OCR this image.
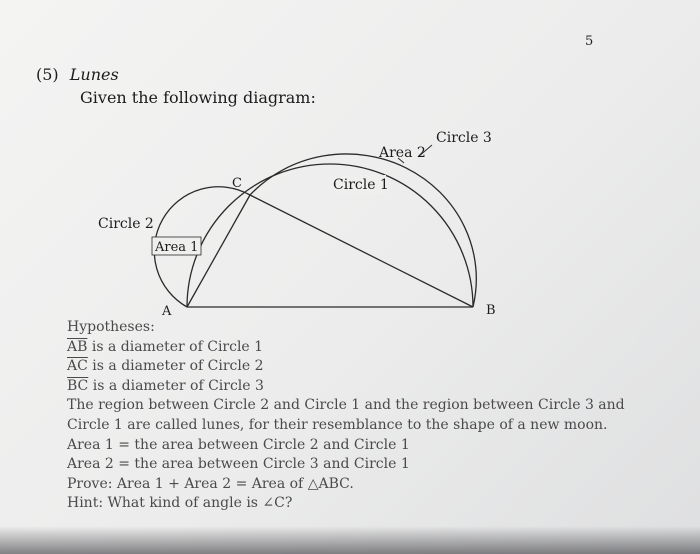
5
(5) Lunes
Given the following diagram:
Circle 3
Area 2
Circle 1
Circle 2
Area 1
C
A	B
Hypotheses:
$\overline{AB}$ is a diameter of Circle 1
$\overline{AC}$ is a diameter of Circle 2
$\overline{BC}$ is a diameter of Circle 3
The region between Circle 2 and Circle 1 and the region between Circle 3 and
Circle 1 are called lunes, for their resemblance to the shape of a new moon.
Area 1 = the area between Circle 2 and Circle 1
Area 2 = the area between Circle 3 and Circle 1
Prove: Area 1 + Area 2 = Area of △ABC.
Hint: What kind of angle is ∠C?
